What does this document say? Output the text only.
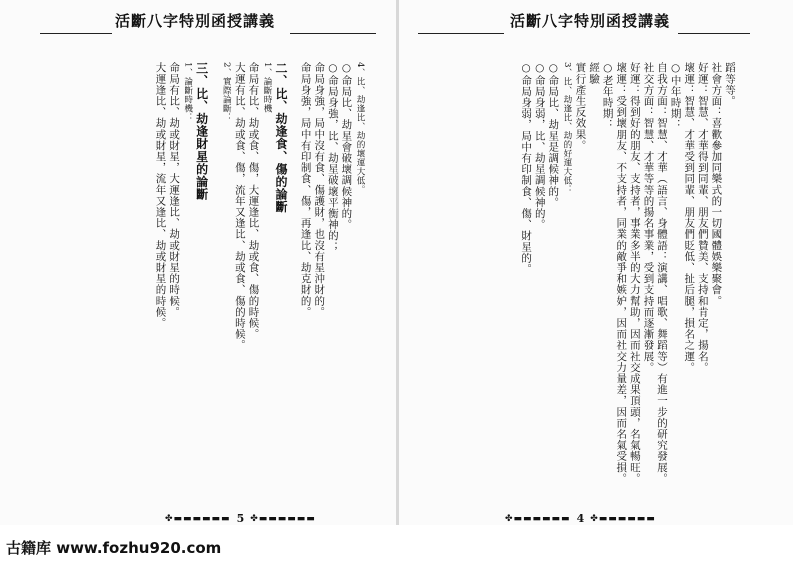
活斷八字特別函授講義	活斷八字特別函授講義
4、比、劫逢比、劫的壞運大低。
○命局比、劫星會破壞調候神的。
○命局身強，比、劫星破壞平衡神的；
命局身強，局中沒有食、傷護財，也沒有星沖財的。
命局身強，局中有印制食、傷，再逢比、劫克財的。
二、比、劫逢食、傷的論斷
1、論斷時機
命局有比、劫或食、傷，大運逢比、劫或食、傷的時候。
大運有比、劫或食、傷，流年又逢比、劫或食、傷的時候。
2、實際論斷：
三、比、劫逢財星的論斷
1、論斷時機：
命局有比、劫或財星，大運逢比、劫或財星的時候。
大運逢比、劫或財星，流年又逢比、劫或財星的時候。	蹈等等。
社會方面：喜歡參加同樂式的一切國體娛樂聚會。
好運：智慧、才華得到同輩、朋友們贊美、支持和肯定，揚名。
壞運：智慧、才華受到同輩、朋友們貶低、扯后腿，損名之運。
○中年時期：
自我方面：智慧、才華（語言、身體語：演講、唱歌、舞蹈等）有進一步的研究發展。
社交方面：智慧、才華等等的揚名事業，受到支持而逐漸發展。
好運：得到好的朋友、支持者，事業多半的大力幫助，因而社交成果頂頭，名氣暢旺。
壞運：受到壞朋友、不支持者，同業的敵爭和嫉妒，因而社交力量差，因而名氣受損。
○老年時期：
經驗
實行產生反效果。
3、比、劫逢比、劫的好運大低：
○命局比、劫星是調候神的。
○命局身弱，比、劫星調候神的。
○命局身弱，局中有印制食、傷、財星的。
✤▬▬▬▬▬▬ 5 ✤▬▬▬▬▬▬	✤▬▬▬▬▬▬ 4 ✤▬▬▬▬▬▬
古籍库 www.fozhu920.com
